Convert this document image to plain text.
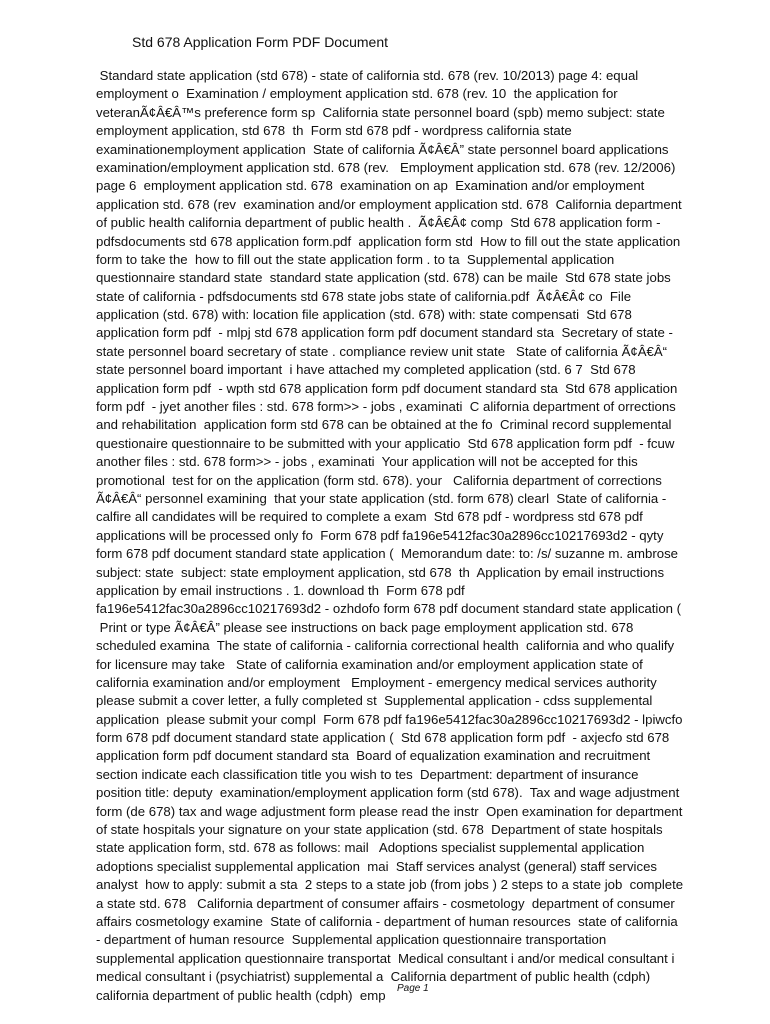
Std 678 Application Form PDF Document
Standard state application (std 678) - state of california std. 678 (rev. 10/2013) page 4: equal
employment o  Examination / employment application std. 678 (rev. 10  the application for
veteranÃ¢Â€Â™s preference form sp  California state personnel board (spb) memo subject: state
employment application, std 678  th  Form std 678 pdf - wordpress california state
examinationemployment application  State of california Ã¢Â€Â” state personnel board applications
examination/employment application std. 678 (rev.   Employment application std. 678 (rev. 12/2006)
page 6  employment application std. 678  examination on ap  Examination and/or employment
application std. 678 (rev  examination and/or employment application std. 678  California department
of public health california department of public health .  Ã¢Â€Â¢ comp  Std 678 application form -
pdfsdocuments std 678 application form.pdf  application form std  How to fill out the state application
form to take the  how to fill out the state application form . to ta  Supplemental application
questionnaire standard state  standard state application (std. 678) can be maile  Std 678 state jobs
state of california - pdfsdocuments std 678 state jobs state of california.pdf  Ã¢Â€Â¢ co  File
application (std. 678) with: location file application (std. 678) with: state compensati  Std 678
application form pdf  - mlpj std 678 application form pdf document standard sta  Secretary of state -
state personnel board secretary of state . compliance review unit state   State of california Ã¢Â€Â“
state personnel board important  i have attached my completed application (std. 6 7  Std 678
application form pdf  - wpth std 678 application form pdf document standard sta  Std 678 application
form pdf  - jyet another files : std. 678 form>> - jobs , examinati  C alifornia department of orrections
and rehabilitation  application form std 678 can be obtained at the fo  Criminal record supplemental
questionaire questionnaire to be submitted with your applicatio  Std 678 application form pdf  - fcuw
another files : std. 678 form>> - jobs , examinati  Your application will not be accepted for this
promotional  test for on the application (form std. 678). your   California department of corrections
Ã¢Â€Â“ personnel examining  that your state application (std. form 678) clearl  State of california -
calfire all candidates will be required to complete a exam  Std 678 pdf - wordpress std 678 pdf
applications will be processed only fo  Form 678 pdf fa196e5412fac30a2896cc10217693d2 - qyty
form 678 pdf document standard state application (  Memorandum date: to: /s/ suzanne m. ambrose
subject: state  subject: state employment application, std 678  th  Application by email instructions
application by email instructions . 1. download th  Form 678 pdf
fa196e5412fac30a2896cc10217693d2 - ozhdofo form 678 pdf document standard state application (
Print or type Ã¢Â€Â” please see instructions on back page employment application std. 678
scheduled examina  The state of california - california correctional health  california and who qualify
for licensure may take   State of california examination and/or employment application state of
california examination and/or employment   Employment - emergency medical services authority
please submit a cover letter, a fully completed st  Supplemental application - cdss supplemental
application  please submit your compl  Form 678 pdf fa196e5412fac30a2896cc10217693d2 - lpiwcfo
form 678 pdf document standard state application (  Std 678 application form pdf  - axjecfo std 678
application form pdf document standard sta  Board of equalization examination and recruitment
section indicate each classification title you wish to tes  Department: department of insurance
position title: deputy  examination/employment application form (std 678).  Tax and wage adjustment
form (de 678) tax and wage adjustment form please read the instr  Open examination for department
of state hospitals your signature on your state application (std. 678  Department of state hospitals
state application form, std. 678 as follows: mail   Adoptions specialist supplemental application
adoptions specialist supplemental application  mai  Staff services analyst (general) staff services
analyst  how to apply: submit a sta  2 steps to a state job (from jobs ) 2 steps to a state job  complete
a state std. 678   California department of consumer affairs - cosmetology  department of consumer
affairs cosmetology examine  State of california - department of human resources  state of california
- department of human resource  Supplemental application questionnaire transportation
supplemental application questionnaire transportat  Medical consultant i and/or medical consultant i
medical consultant i (psychiatrist) supplemental a  California department of public health (cdph)
california department of public health (cdph)  emp	Page 1
